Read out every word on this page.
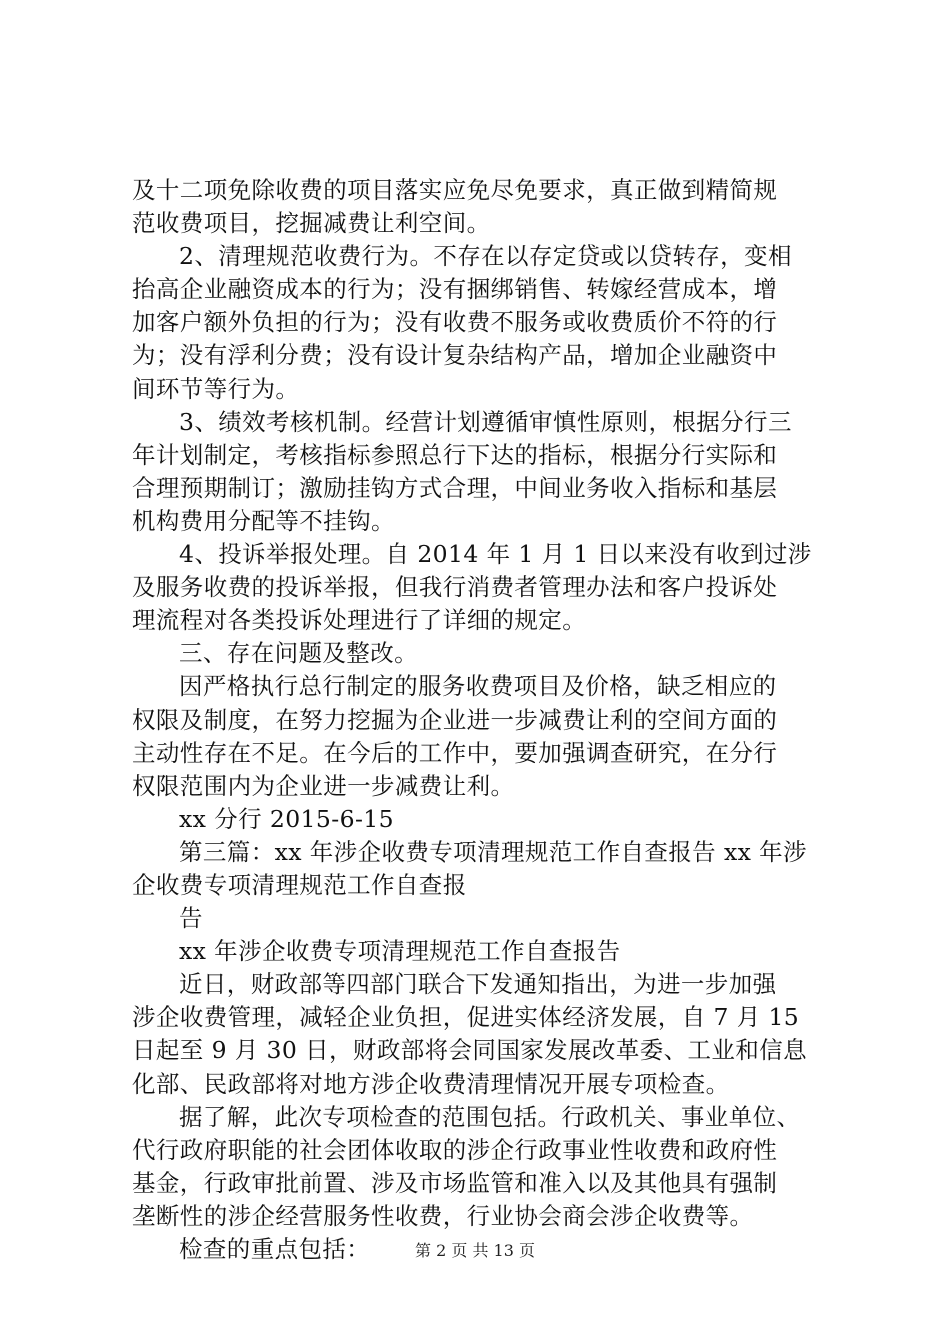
及十二项免除收费的项目落实应免尽免要求，真正做到精简规
范收费项目，挖掘减费让利空间。
2、清理规范收费行为。不存在以存定贷或以贷转存，变相
抬高企业融资成本的行为；没有捆绑销售、转嫁经营成本，增
加客户额外负担的行为；没有收费不服务或收费质价不符的行
为；没有浮利分费；没有设计复杂结构产品，增加企业融资中
间环节等行为。
3、绩效考核机制。经营计划遵循审慎性原则，根据分行三
年计划制定，考核指标参照总行下达的指标，根据分行实际和
合理预期制订；激励挂钩方式合理，中间业务收入指标和基层
机构费用分配等不挂钩。
4、投诉举报处理。自 2014 年 1 月 1 日以来没有收到过涉
及服务收费的投诉举报，但我行消费者管理办法和客户投诉处
理流程对各类投诉处理进行了详细的规定。
三、存在问题及整改。
因严格执行总行制定的服务收费项目及价格，缺乏相应的
权限及制度，在努力挖掘为企业进一步减费让利的空间方面的
主动性存在不足。在今后的工作中，要加强调查研究，在分行
权限范围内为企业进一步减费让利。
xx 分行 2015-6-15
第三篇：xx 年涉企收费专项清理规范工作自查报告 xx 年涉
企收费专项清理规范工作自查报
告
xx 年涉企收费专项清理规范工作自查报告
近日，财政部等四部门联合下发通知指出，为进一步加强
涉企收费管理，减轻企业负担，促进实体经济发展，自 7 月 15
日起至 9 月 30 日，财政部将会同国家发展改革委、工业和信息
化部、民政部将对地方涉企收费清理情况开展专项检查。
据了解，此次专项检查的范围包括。行政机关、事业单位、
代行政府职能的社会团体收取的涉企行政事业性收费和政府性
基金，行政审批前置、涉及市场监管和准入以及其他具有强制
垄断性的涉企经营服务性收费，行业协会商会涉企收费等。
检查的重点包括：	第 2 页 共 13 页
